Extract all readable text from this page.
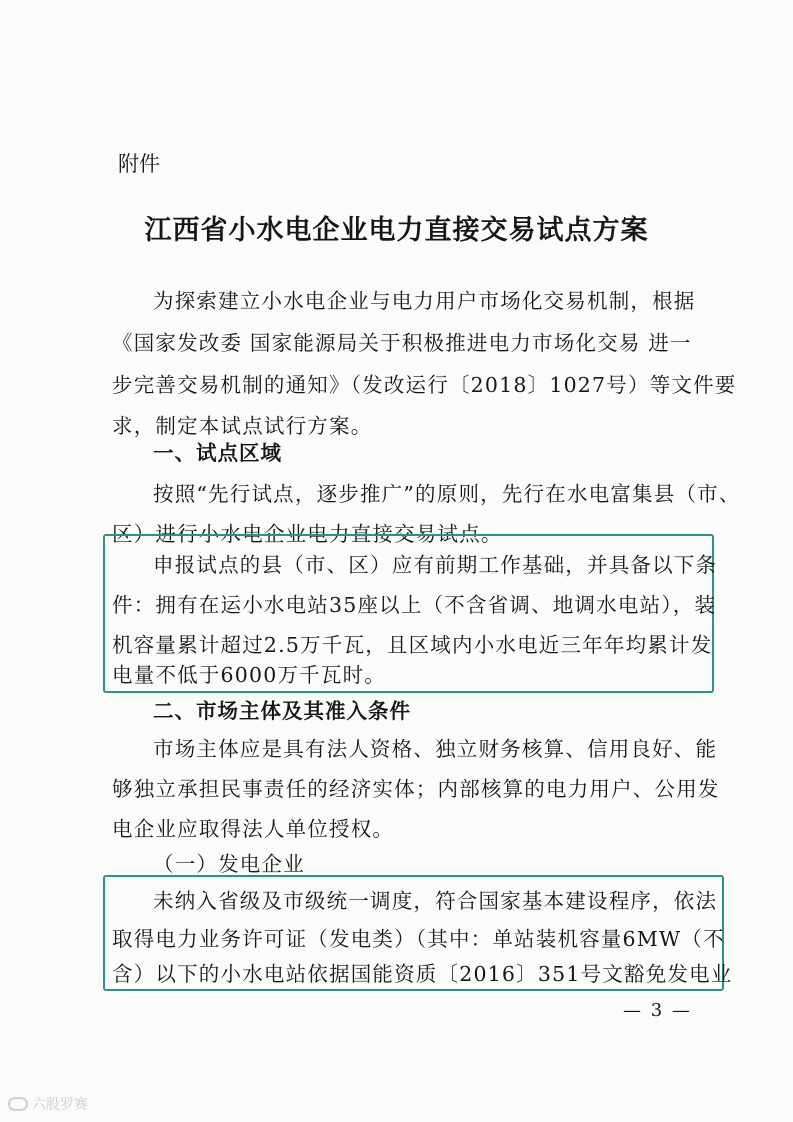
附件
江西省小水电企业电力直接交易试点方案
为探索建立小水电企业与电力用户市场化交易机制，根据
《国家发改委 国家能源局关于积极推进电力市场化交易 进一
步完善交易机制的通知》（发改运行〔2018〕1027号）等文件要
求，制定本试点试行方案。
一、试点区域
按照“先行试点，逐步推广”的原则，先行在水电富集县（市、
区）进行小水电企业电力直接交易试点。
申报试点的县（市、区）应有前期工作基础，并具备以下条
件：拥有在运小水电站35座以上（不含省调、地调水电站），装
机容量累计超过2.5万千瓦，且区域内小水电近三年年均累计发
电量不低于6000万千瓦时。
二、市场主体及其准入条件
市场主体应是具有法人资格、独立财务核算、信用良好、能
够独立承担民事责任的经济实体；内部核算的电力用户、公用发
电企业应取得法人单位授权。
（一）发电企业
未纳入省级及市级统一调度，符合国家基本建设程序，依法
取得电力业务许可证（发电类）（其中：单站装机容量6MW（不
含）以下的小水电站依据国能资质〔2016〕351号文豁免发电业
— 3 —
六股罗赛
